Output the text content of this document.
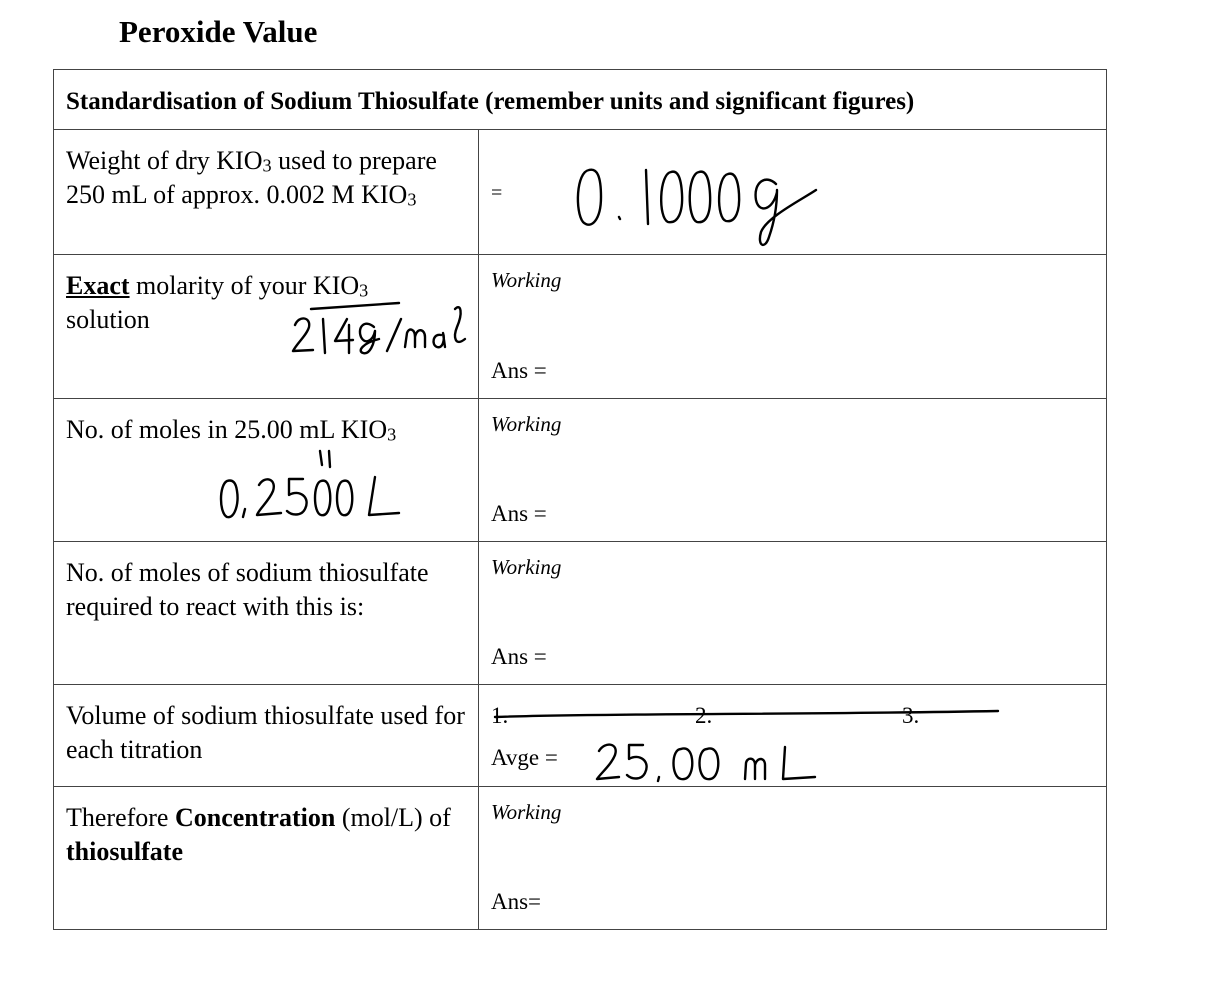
Peroxide Value
Standardisation of Sodium Thiosulfate (remember units and significant figures)	
Weight of dry $KIO_3$ used to prepare 250 mL of approx. 0.002 M $KIO_3$	=

Exact molarity of your $KIO_3$
solution	Working
Ans =

No. of moles in 25.00 mL $KIO_3$	Working
Ans =

No. of moles of sodium thiosulfate required to react with this is:	Working
Ans =

Volume of sodium thiosulfate used for each titration	1. 2. 3.
Avge =

Therefore Concentration (mol/L) of thiosulfate	Working
Ans=
